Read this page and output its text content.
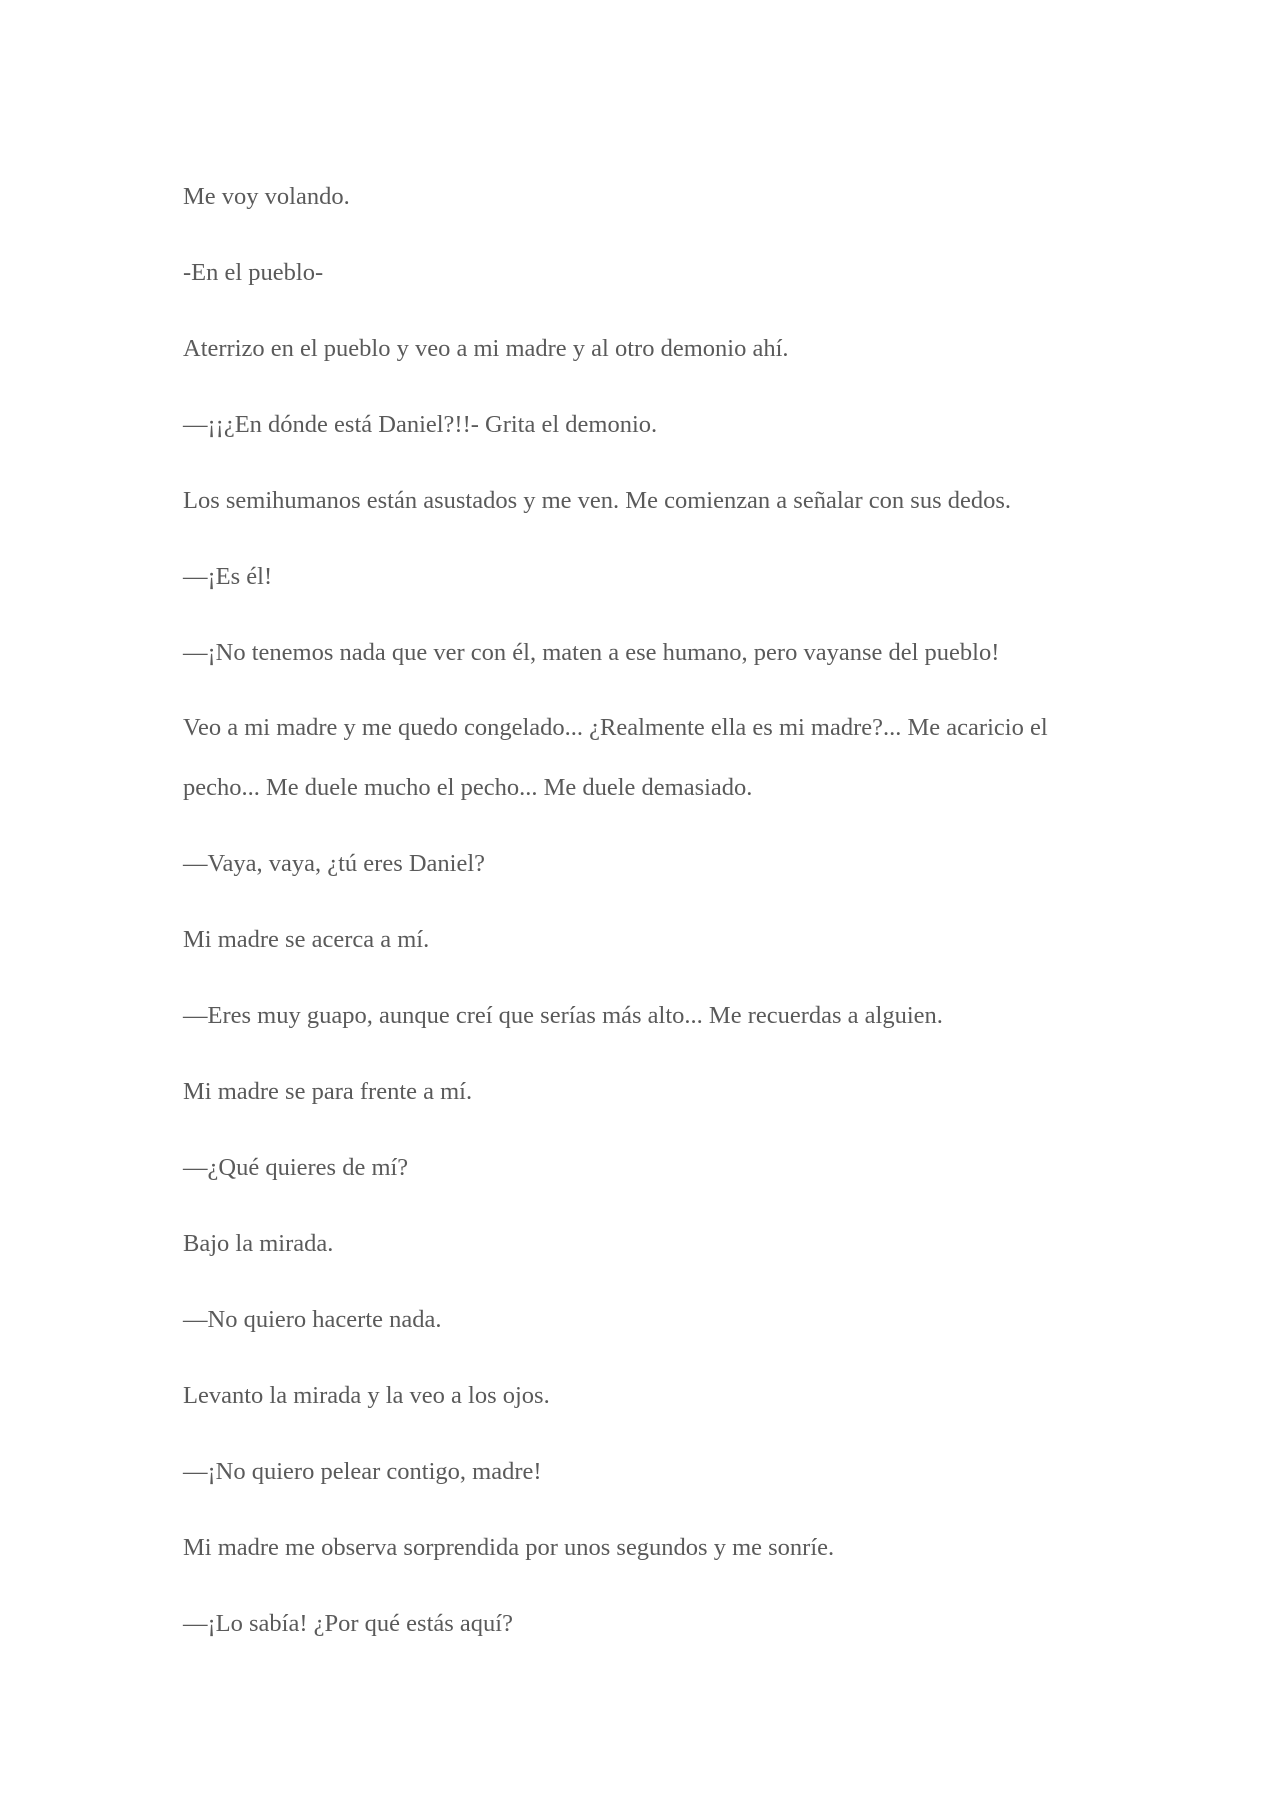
Me voy volando.

-En el pueblo-

Aterrizo en el pueblo y veo a mi madre y al otro demonio ahí.

—¡¡¿En dónde está Daniel?!!- Grita el demonio.

Los semihumanos están asustados y me ven. Me comienzan a señalar con sus dedos.

—¡Es él!

—¡No tenemos nada que ver con él, maten a ese humano, pero vayanse del pueblo!

Veo a mi madre y me quedo congelado... ¿Realmente ella es mi madre?... Me acaricio el pecho... Me duele mucho el pecho... Me duele demasiado.

—Vaya, vaya, ¿tú eres Daniel?

Mi madre se acerca a mí.

—Eres muy guapo, aunque creí que serías más alto... Me recuerdas a alguien.

Mi madre se para frente a mí.

—¿Qué quieres de mí?

Bajo la mirada.

—No quiero hacerte nada.

Levanto la mirada y la veo a los ojos.

—¡No quiero pelear contigo, madre!

Mi madre me observa sorprendida por unos segundos y me sonríe.

—¡Lo sabía! ¿Por qué estás aquí?
